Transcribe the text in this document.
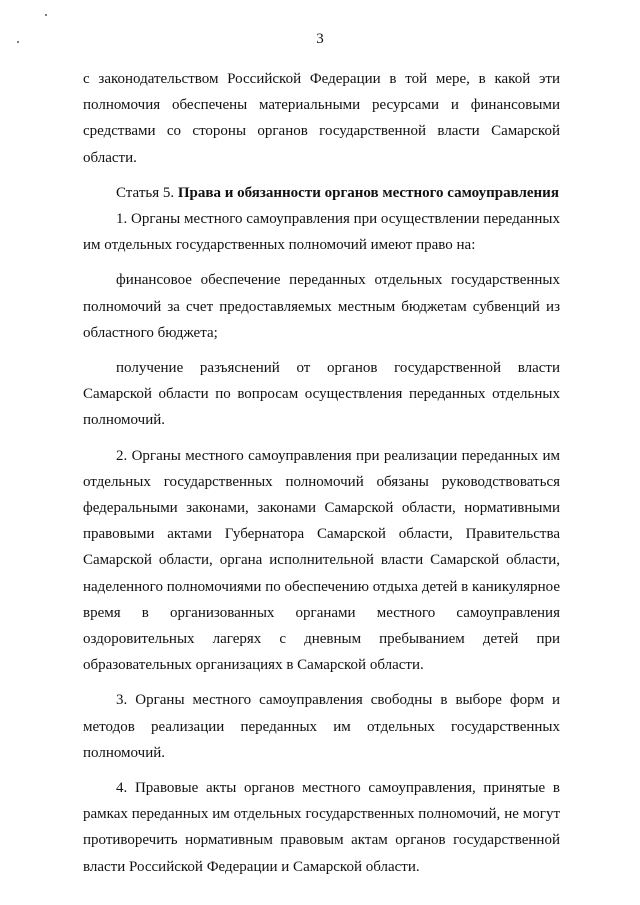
3

с законодательством Российской Федерации в той мере, в какой эти полномочия обеспечены материальными ресурсами и финансовыми средствами со стороны органов государственной власти Самарской области.

Статья 5. Права и обязанности органов местного самоуправления

1. Органы местного самоуправления при осуществлении переданных им отдельных государственных полномочий имеют право на:

финансовое обеспечение переданных отдельных государственных полномочий за счет предоставляемых местным бюджетам субвенций из областного бюджета;

получение разъяснений от органов государственной власти Самарской области по вопросам осуществления переданных отдельных полномочий.

2. Органы местного самоуправления при реализации переданных им отдельных государственных полномочий обязаны руководствоваться федеральными законами, законами Самарской области, нормативными правовыми актами Губернатора Самарской области, Правительства Самарской области, органа исполнительной власти Самарской области, наделенного полномочиями по обеспечению отдыха детей в каникулярное время в организованных органами местного самоуправления оздоровительных лагерях с дневным пребыванием детей при образовательных организациях в Самарской области.

3. Органы местного самоуправления свободны в выборе форм и методов реализации переданных им отдельных государственных полномочий.

4. Правовые акты органов местного самоуправления, принятые в рамках переданных им отдельных государственных полномочий, не могут противоречить нормативным правовым актам органов государственной власти Российской Федерации и Самарской области.
